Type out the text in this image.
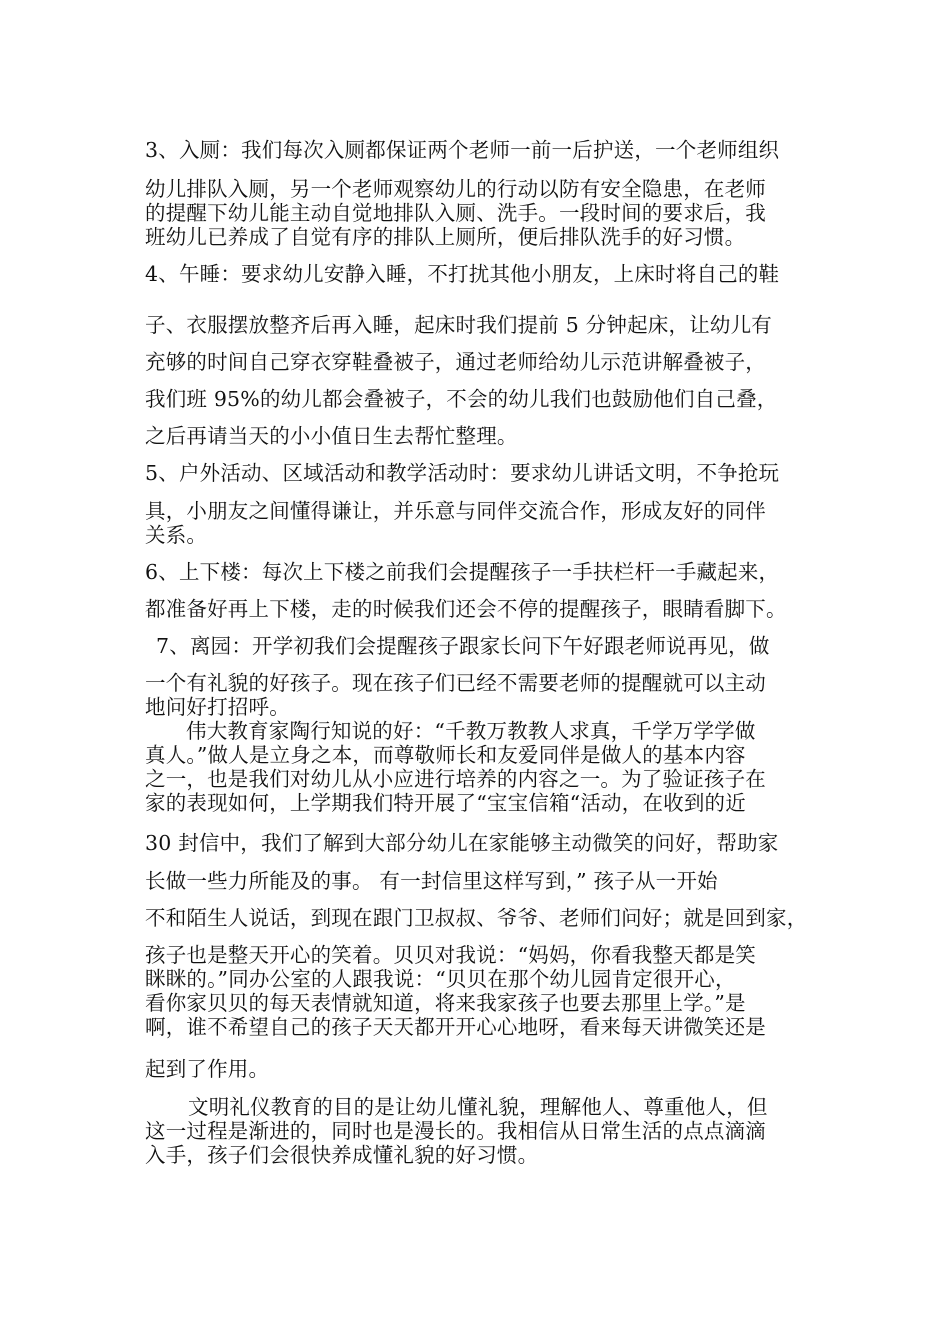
3、入厕：我们每次入厕都保证两个老师一前一后护送，一个老师组织
幼儿排队入厕，另一个老师观察幼儿的行动以防有安全隐患，在老师
的提醒下幼儿能主动自觉地排队入厕、洗手。一段时间的要求后，我
班幼儿已养成了自觉有序的排队上厕所，便后排队洗手的好习惯。
4、午睡：要求幼儿安静入睡，不打扰其他小朋友，上床时将自己的鞋
子、衣服摆放整齐后再入睡，起床时我们提前 5 分钟起床，让幼儿有
充够的时间自己穿衣穿鞋叠被子，通过老师给幼儿示范讲解叠被子，
我们班 95%的幼儿都会叠被子，不会的幼儿我们也鼓励他们自己叠，
之后再请当天的小小值日生去帮忙整理。
5、户外活动、区域活动和教学活动时：要求幼儿讲话文明，不争抢玩
具，小朋友之间懂得谦让，并乐意与同伴交流合作，形成友好的同伴
关系。
6、上下楼：每次上下楼之前我们会提醒孩子一手扶栏杆一手藏起来，
都准备好再上下楼，走的时候我们还会不停的提醒孩子，眼睛看脚下。
7、离园：开学初我们会提醒孩子跟家长问下午好跟老师说再见，做
一个有礼貌的好孩子。现在孩子们已经不需要老师的提醒就可以主动
地问好打招呼。
伟大教育家陶行知说的好：“千教万教教人求真，千学万学学做
真人。”做人是立身之本，而尊敬师长和友爱同伴是做人的基本内容
之一，也是我们对幼儿从小应进行培养的内容之一。为了验证孩子在
家的表现如何，上学期我们特开展了“宝宝信箱“活动，在收到的近
30 封信中，我们了解到大部分幼儿在家能够主动微笑的问好，帮助家
长做一些力所能及的事。 有一封信里这样写到，” 孩子从一开始
不和陌生人说话，到现在跟门卫叔叔、爷爷、老师们问好；就是回到家，
孩子也是整天开心的笑着。贝贝对我说：“妈妈，你看我整天都是笑
眯眯的。”同办公室的人跟我说：“贝贝在那个幼儿园肯定很开心，
看你家贝贝的每天表情就知道，将来我家孩子也要去那里上学。”是
啊，谁不希望自己的孩子天天都开开心心地呀，看来每天讲微笑还是
起到了作用。
文明礼仪教育的目的是让幼儿懂礼貌，理解他人、尊重他人，但
这一过程是渐进的，同时也是漫长的。我相信从日常生活的点点滴滴
入手，孩子们会很快养成懂礼貌的好习惯。
